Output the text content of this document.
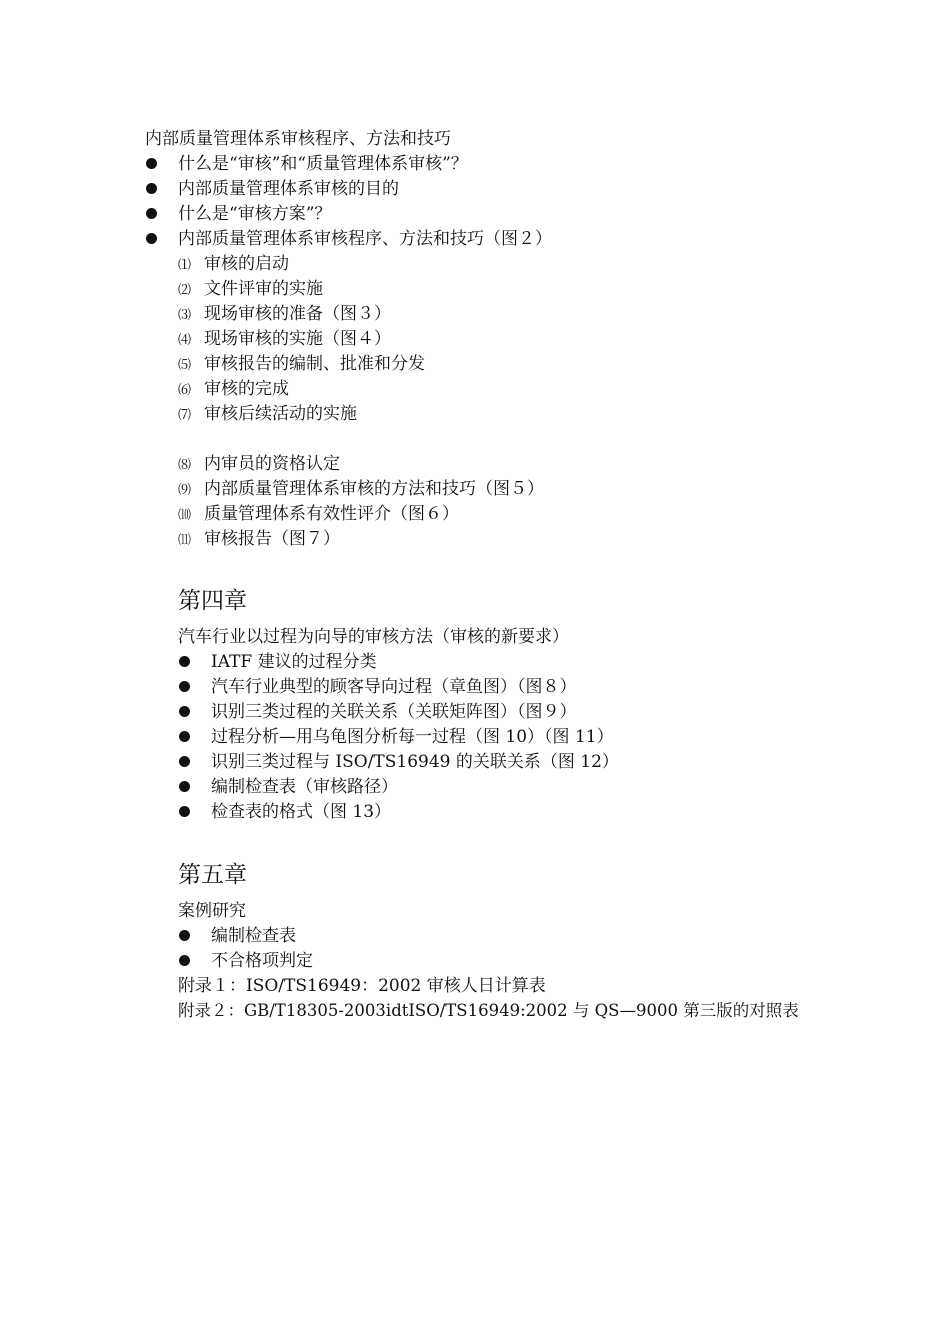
内部质量管理体系审核程序、方法和技巧
什么是“审核”和“质量管理体系审核”？
内部质量管理体系审核的目的
什么是“审核方案”？
内部质量管理体系审核程序、方法和技巧（图２）
⑴ 审核的启动
⑵ 文件评审的实施
⑶ 现场审核的准备（图３）
⑷ 现场审核的实施（图４）
⑸ 审核报告的编制、批准和分发
⑹ 审核的完成
⑺ 审核后续活动的实施
⑻ 内审员的资格认定
⑼ 内部质量管理体系审核的方法和技巧（图５）
⑽ 质量管理体系有效性评介（图６）
⑾ 审核报告（图７）
第四章
汽车行业以过程为向导的审核方法（审核的新要求）
IATF 建议的过程分类
汽车行业典型的顾客导向过程（章鱼图）（图８）
识别三类过程的关联关系（关联矩阵图）（图９）
过程分析—用乌龟图分析每一过程（图 10）（图 11）
识别三类过程与 ISO/TS16949 的关联关系（图 12）
编制检查表（审核路径）
检查表的格式（图 13）
第五章
案例研究
编制检查表
不合格项判定
附录１：ISO/TS16949：2002 审核人日计算表
附录２：GB/T18305-2003idtISO/TS16949:2002 与 QS—9000 第三版的对照表
